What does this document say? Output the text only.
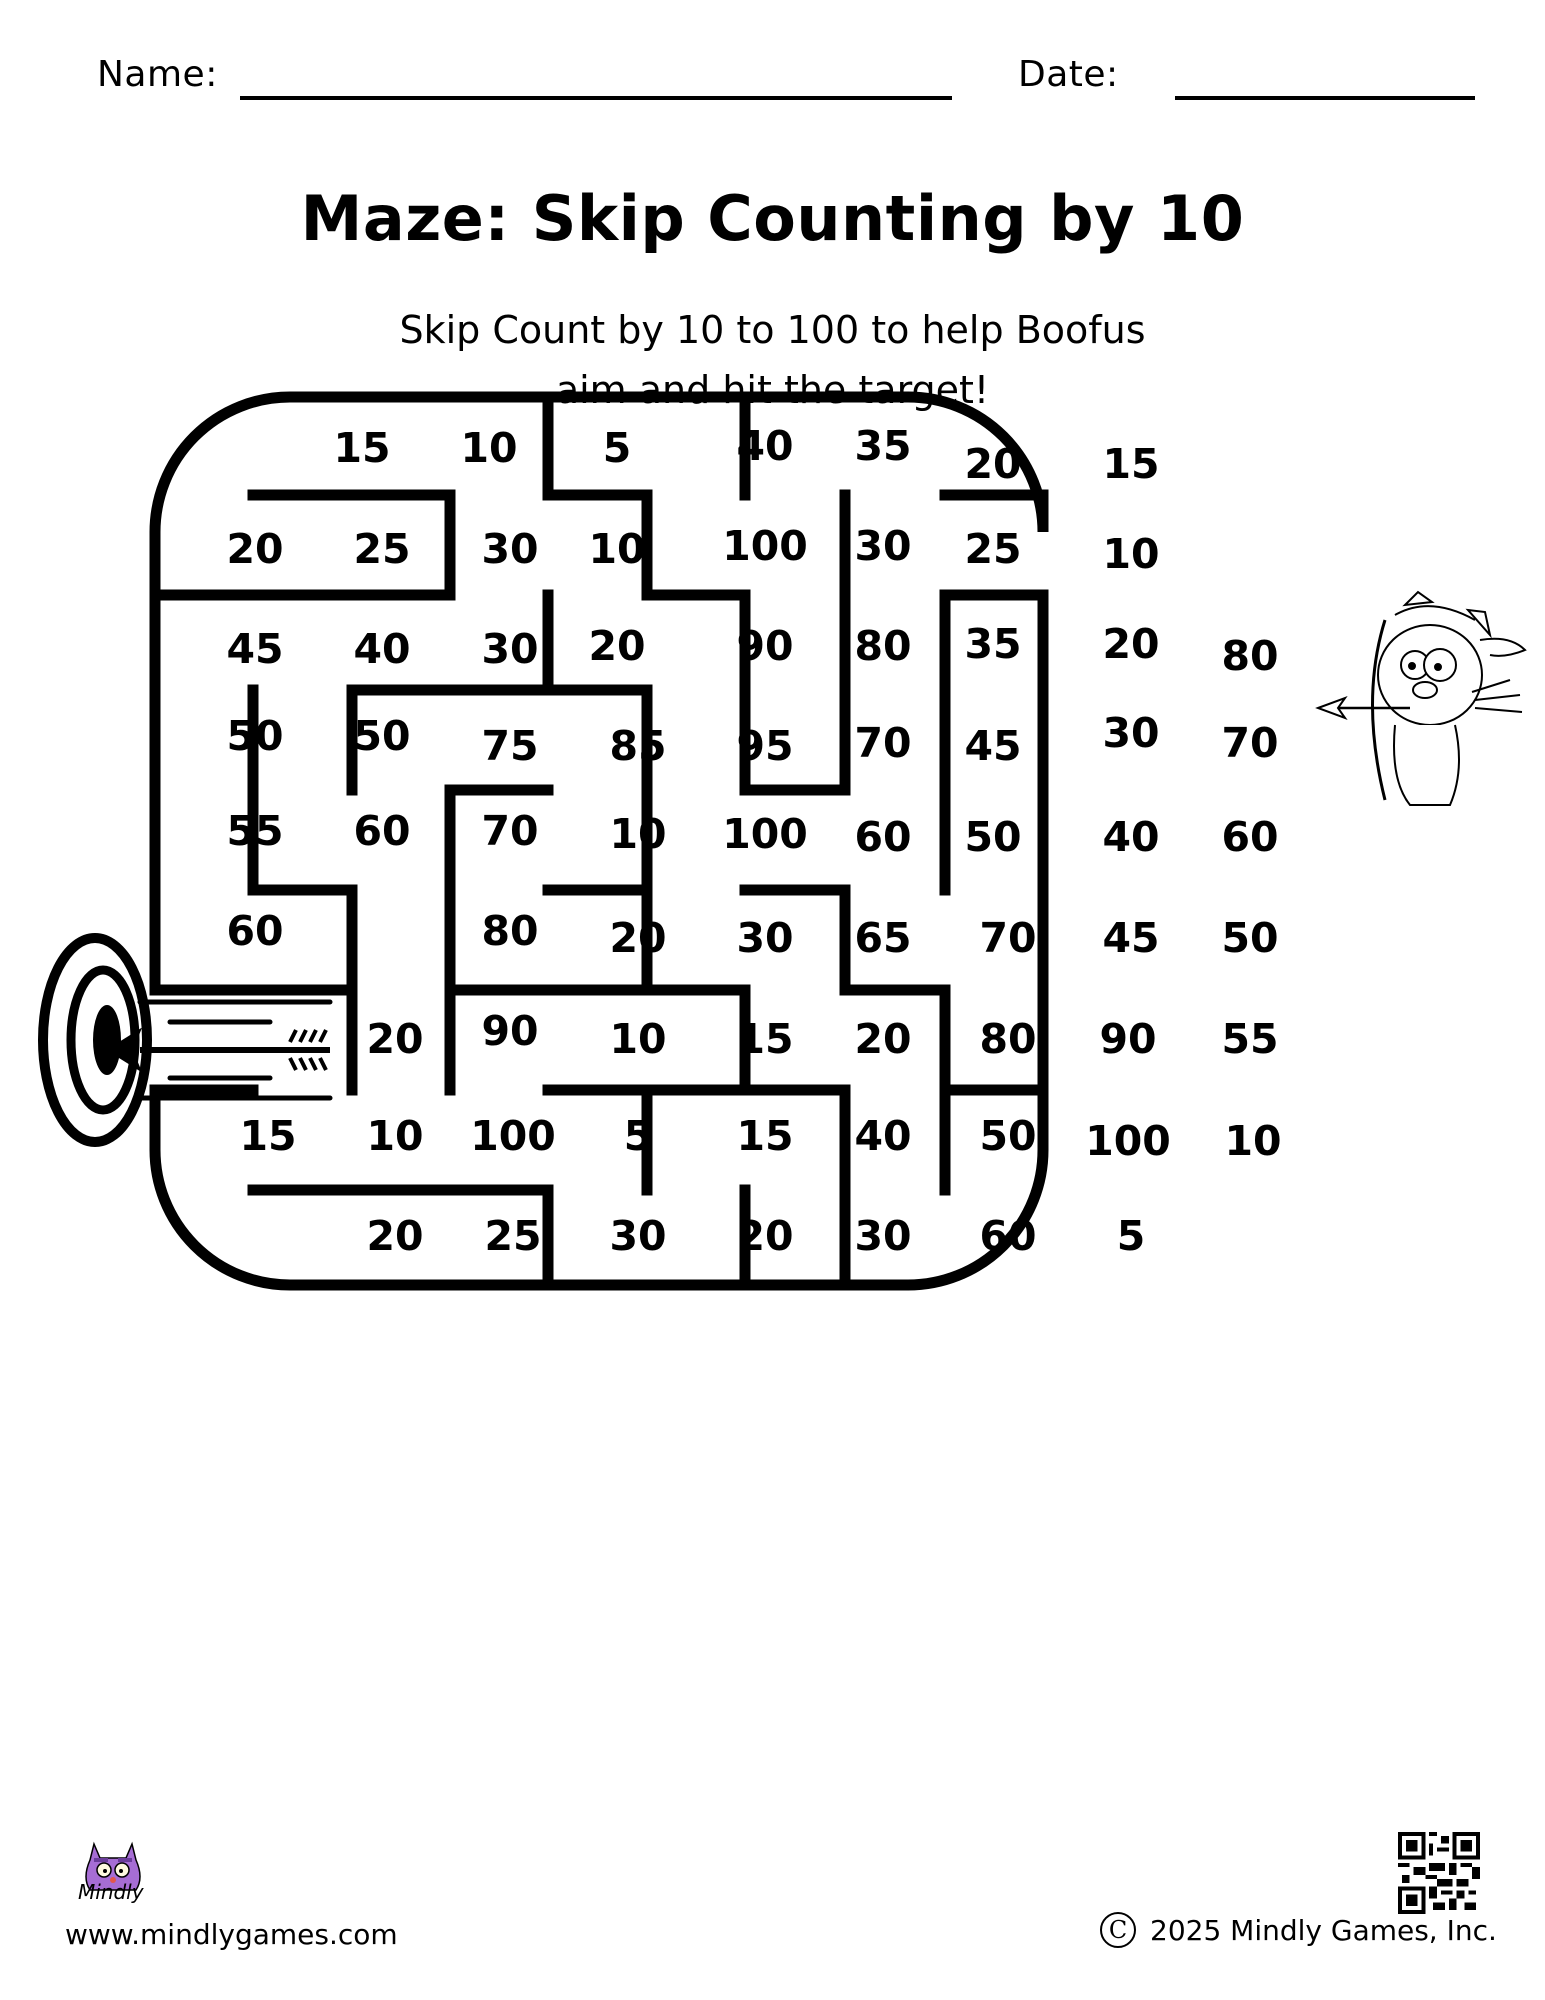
Name:	Date:
Maze: Skip Counting by 10
Skip Count by 10 to 100 to help Boofus
aim and hit the target!
15 10 5	40 35 20 15
20 25 30 10 100 30 25 10
45 40 30 20 90 80 35 20 80
50 50 75 85 95 70 45 30 70
55 60 70 10 100 60 50 40 60
60	80 20 30 65 70 45 50
20 90 10 15 20 80 90 55
15 10 100 5 15 40 50 100 10
20 25 30 20 30 60 5
Mindly
www.mindlygames.com	C 2025 Mindly Games, Inc.
